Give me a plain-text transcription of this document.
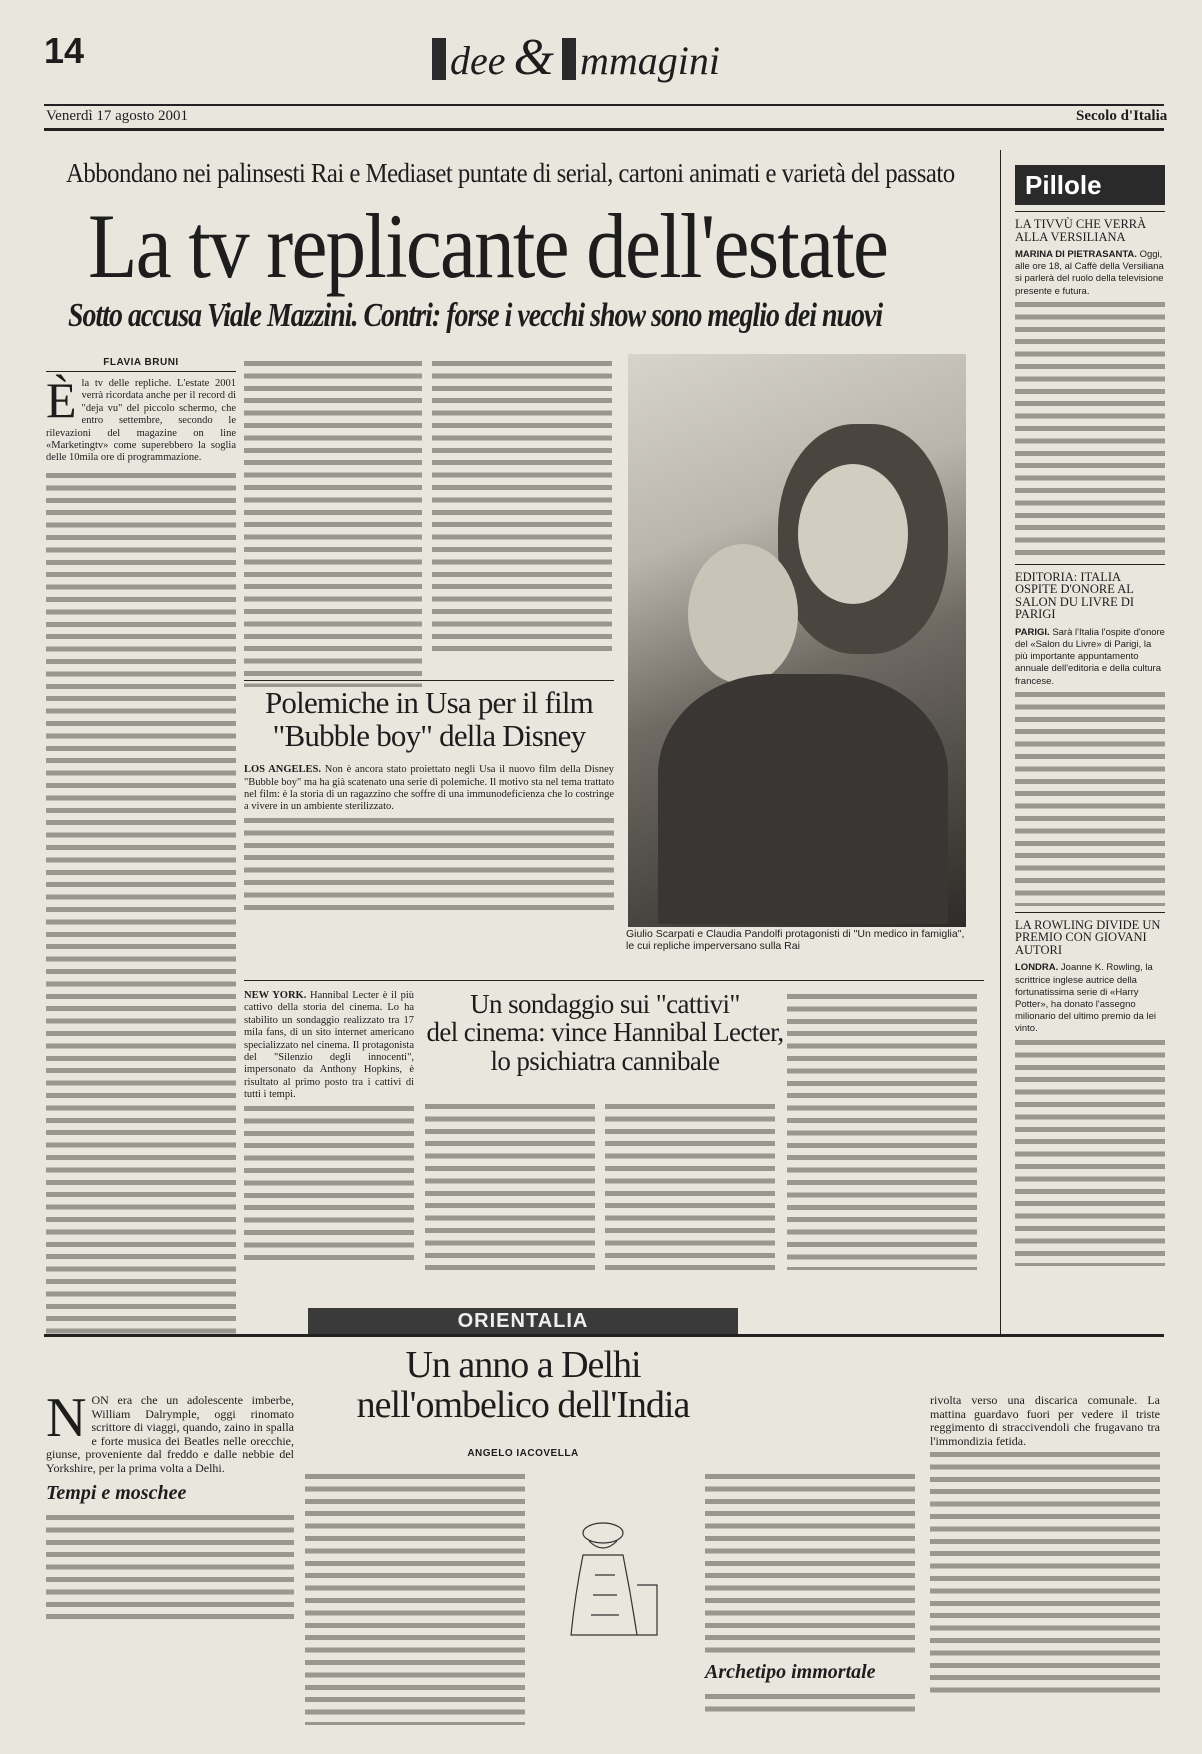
14	dee & mmagini
Venerdì 17 agosto 2001	Secolo d'Italia
Abbondano nei palinsesti Rai e Mediaset puntate di serial, cartoni animati e varietà del passato
La tv replicante dell'estate
Sotto accusa Viale Mazzini. Contri: forse i vecchi show sono meglio dei nuovi
FLAVIA BRUNI

Èla tv delle repliche. L'estate 2001 verrà ricordata anche per il record di "deja vu" del piccolo schermo, che entro settembre, secondo le rilevazioni del magazine on line «Marketingtv» come superebbero la soglia delle 10mila ore di programmazione.

Giulio Scarpati e Claudia Pandolfi protagonisti di "Un medico in famiglia", le cui repliche imperversano sulla Rai
Polemiche in Usa per il film
"Bubble boy" della Disney

LOS ANGELES. Non è ancora stato proiettato negli Usa il nuovo film della Disney "Bubble boy" ma ha già scatenato una serie di polemiche. Il motivo sta nel tema trattato nel film: è la storia di un ragazzino che soffre di una immunodeficienza che lo costringe a vivere in un ambiente sterilizzato.

NEW YORK. Hannibal Lecter è il più cattivo della storia del cinema. Lo ha stabilito un sondaggio realizzato tra 17 mila fans, di un sito internet americano specializzato nel cinema. Il protagonista del "Silenzio degli innocenti", impersonato da Anthony Hopkins, è risultato al primo posto tra i cattivi di tutti i tempi.

Un sondaggio sui "cattivi"
del cinema: vince Hannibal Lecter,
lo psichiatra cannibale
Pillole
LA TIVVÙ CHE VERRÀ ALLA VERSILIANA

MARINA DI PIETRASANTA. Oggi, alle ore 18, al Caffè della Versiliana si parlerà del ruolo della televisione presente e futura.

EDITORIA: ITALIA OSPITE D'ONORE AL SALON DU LIVRE DI PARIGI

PARIGI. Sarà l'Italia l'ospite d'onore del «Salon du Livre» di Parigi, la più importante appuntamento annuale dell'editoria e della cultura francese.

LA ROWLING DIVIDE UN PREMIO CON GIOVANI AUTORI

LONDRA. Joanne K. Rowling, la scrittrice inglese autrice della fortunatissima serie di «Harry Potter», ha donato l'assegno milionario del ultimo premio da lei vinto.

ORIENTALIA
Un anno a Delhi
nell'ombelico dell'India
ANGELO IACOVELLA

NON era che un adolescente imberbe, William Dalrymple, oggi rinomato scrittore di viaggi, quando, zaino in spalla e forte musica dei Beatles nelle orecchie, giunse, proveniente dal freddo e dalle nebbie del Yorkshire, per la prima volta a Delhi.

Tempi e moschee
Archetipo immortale

rivolta verso una discarica comunale. La mattina guardavo fuori per vedere il triste reggimento di straccivendoli che frugavano tra l'immondizia fetida.
